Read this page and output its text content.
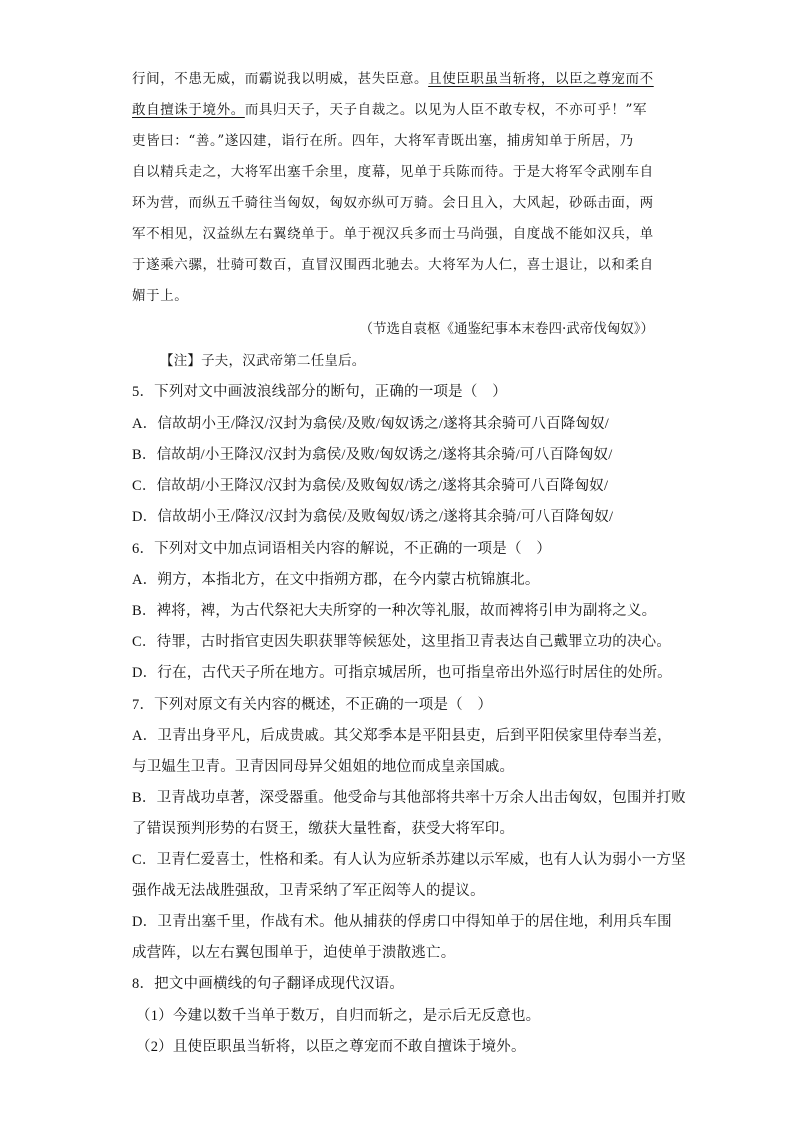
行间，不患无威，而霸说我以明威，甚失臣意。且使臣职虽当斩将，以臣之尊宠而不
敢自擅诛于境外。而具归天子，天子自裁之。以见为人臣不敢专权，不亦可乎！”军
吏皆曰：“善。”遂囚建，诣行在所。四年，大将军青既出塞，捕虏知单于所居，乃
自以精兵走之，大将军出塞千余里，度幕，见单于兵陈而待。于是大将军令武刚车自
环为营，而纵五千骑往当匈奴，匈奴亦纵可万骑。会日且入，大风起，砂砾击面，两
军不相见，汉益纵左右翼绕单于。单于视汉兵多而士马尚强，自度战不能如汉兵，单
于遂乘六骡，壮骑可数百，直冒汉围西北驰去。大将军为人仁，喜士退让，以和柔自
媚于上。
（节选自袁枢《通鉴纪事本末卷四·武帝伐匈奴》）
【注】子夫，汉武帝第二任皇后。
5．下列对文中画波浪线部分的断句，正确的一项是（　）
A．信故胡小王/降汉/汉封为翕侯/及败/匈奴诱之/遂将其余骑可八百降匈奴/
B．信故胡/小王降汉/汉封为翕侯/及败/匈奴诱之/遂将其余骑/可八百降匈奴/
C．信故胡/小王降汉/汉封为翕侯/及败匈奴/诱之/遂将其余骑可八百降匈奴/
D．信故胡小王/降汉/汉封为翕侯/及败匈奴/诱之/遂将其余骑/可八百降匈奴/
6．下列对文中加点词语相关内容的解说，不正确的一项是（　）
A．朔方，本指北方，在文中指朔方郡，在今内蒙古杭锦旗北。
B．裨将，裨，为古代祭祀大夫所穿的一种次等礼服，故而裨将引申为副将之义。
C．待罪，古时指官吏因失职获罪等候惩处，这里指卫青表达自己戴罪立功的决心。
D．行在，古代天子所在地方。可指京城居所，也可指皇帝出外巡行时居住的处所。
7．下列对原文有关内容的概述，不正确的一项是（　）
A．卫青出身平凡，后成贵戚。其父郑季本是平阳县吏，后到平阳侯家里侍奉当差，
与卫媪生卫青。卫青因同母异父姐姐的地位而成皇亲国戚。
B．卫青战功卓著，深受器重。他受命与其他部将共率十万余人出击匈奴，包围并打败
了错误预判形势的右贤王，缴获大量牲畜，获受大将军印。
C．卫青仁爱喜士，性格和柔。有人认为应斩杀苏建以示军威，也有人认为弱小一方坚
强作战无法战胜强敌，卫青采纳了军正闳等人的提议。
D．卫青出塞千里，作战有术。他从捕获的俘虏口中得知单于的居住地，利用兵车围
成营阵，以左右翼包围单于，迫使单于溃散逃亡。
8．把文中画横线的句子翻译成现代汉语。
（1）今建以数千当单于数万，自归而斩之，是示后无反意也。
（2）且使臣职虽当斩将，以臣之尊宠而不敢自擅诛于境外。
